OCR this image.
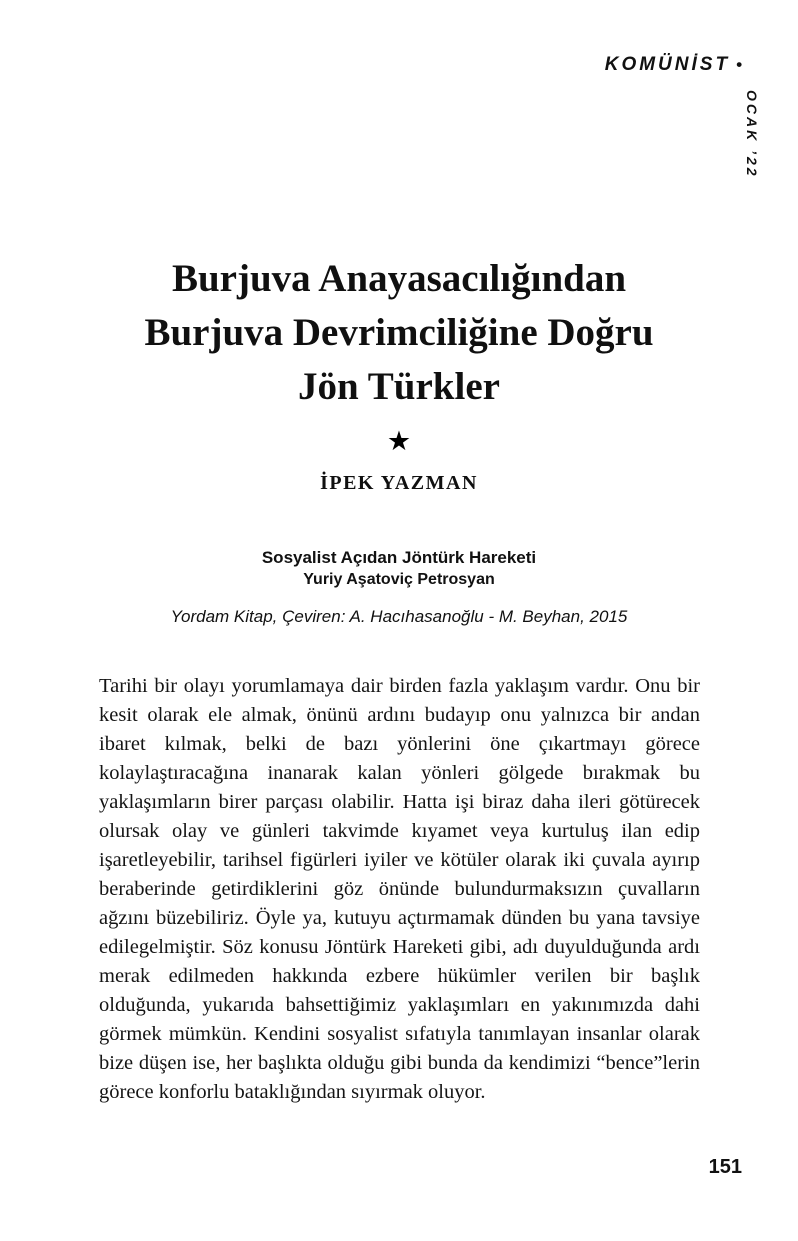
KOMÜNİST •
OCAK ’22
Burjuva Anayasacılığından
Burjuva Devrimciliğine Doğru
Jön Türkler
★
İPEK YAZMAN
Sosyalist Açıdan Jöntürk Hareketi
Yuriy Aşatoviç Petrosyan
Yordam Kitap, Çeviren: A. Hacıhasanoğlu - M. Beyhan, 2015

Tarihi bir olayı yorumlamaya dair birden fazla yaklaşım vardır. Onu bir kesit olarak ele almak, önünü ardını budayıp onu yalnızca bir andan ibaret kılmak, belki de bazı yönlerini öne çıkartmayı görece kolaylaştıracağına inanarak kalan yönleri gölgede bırakmak bu yaklaşımların birer parçası olabilir. Hatta işi biraz daha ileri götürecek olursak olay ve günleri takvimde kıyamet veya kurtuluş ilan edip işaretleyebilir, tarihsel figürleri iyiler ve kötüler olarak iki çuvala ayırıp beraberinde getirdiklerini göz önünde bulundurmaksızın çuvalların ağzını büzebiliriz. Öyle ya, kutuyu açtırmamak dünden bu yana tavsiye edilegelmiştir. Söz konusu Jöntürk Hareketi gibi, adı duyulduğunda ardı merak edilmeden hakkında ezbere hükümler verilen bir başlık olduğunda, yukarıda bahsettiğimiz yaklaşımları en yakınımızda dahi görmek mümkün. Kendini sosyalist sıfatıyla tanımlayan insanlar olarak bize düşen ise, her başlıkta olduğu gibi bunda da kendimizi “bence”lerin görece konforlu bataklığından sıyırmak oluyor.

151
